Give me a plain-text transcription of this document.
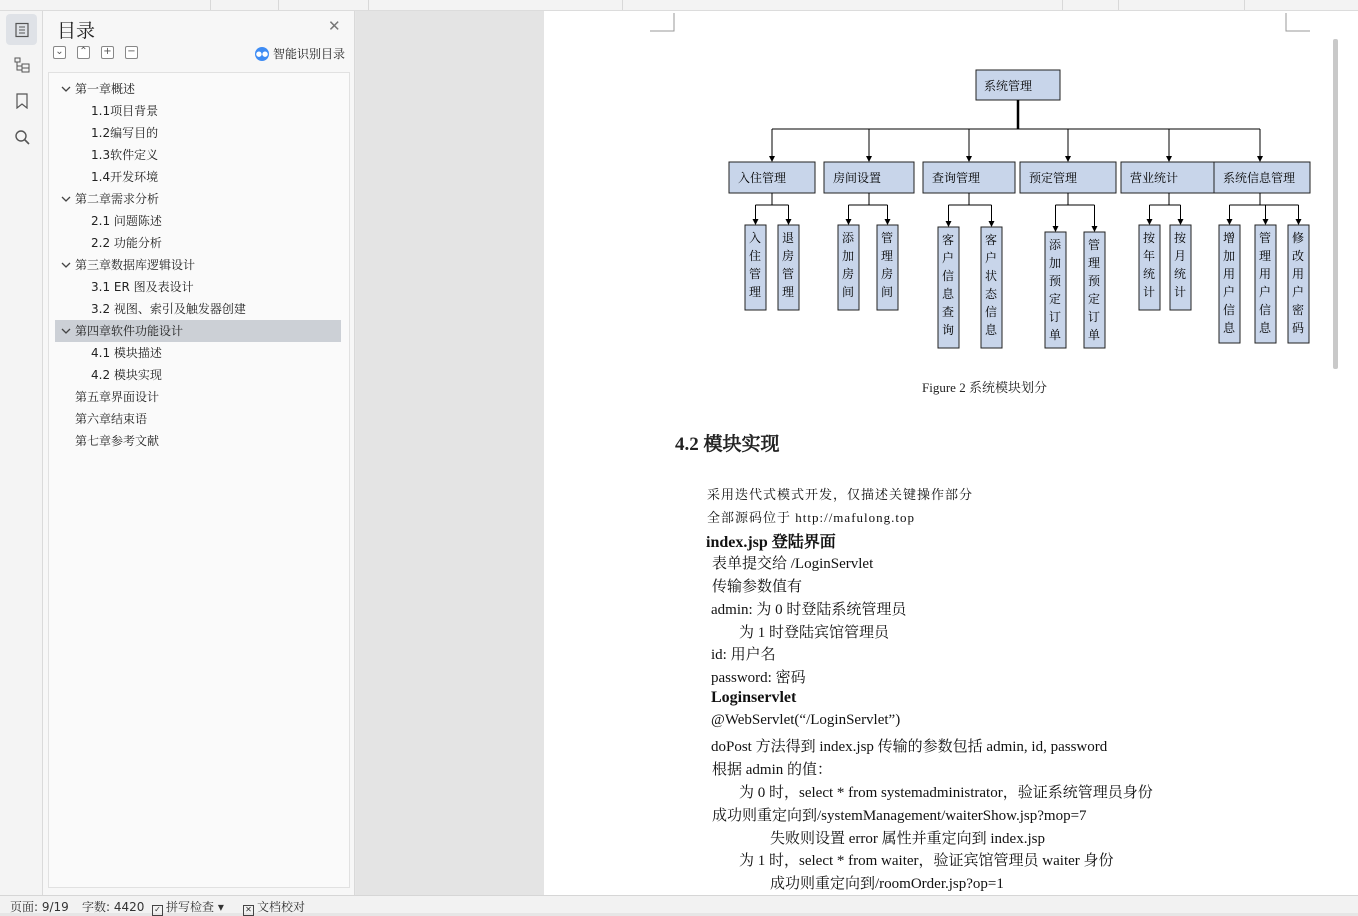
目录	✕
⌄ ⌃ + −	●● 智能识别目录
第一章概述
1.1项目背景
1.2编写目的
1.3软件定义
1.4开发环境
第二章需求分析
2.1 问题陈述
2.2 功能分析
第三章数据库逻辑设计
3.1 ER 图及表设计
3.2 视图、索引及触发器创建
第四章软件功能设计
4.1 模块描述
4.2 模块实现
第五章界面设计
第六章结束语
第七章参考文献
系统管理
入住管理
入住管理
退房管理
房间设置
添加房间
管理房间
查询管理
客户信息查询
客户状态信息
预定管理
添加预定订单
管理预定订单
营业统计
按年统计
按月统计
系统信息管理
增加用户信息
管理用户信息
修改用户密码
Figure 2 系统模块划分
4.2 模块实现
采用迭代式模式开发，仅描述关键操作部分
全部源码位于 http://mafulong.top
index.jsp 登陆界面
表单提交给 /LoginServlet
传输参数值有
admin: 为 0 时登陆系统管理员
为 1 时登陆宾馆管理员
id: 用户名
password: 密码
Loginservlet
@WebServlet(“/LoginServlet”)
doPost 方法得到 index.jsp 传输的参数包括 admin, id, password
根据 admin 的值：
为 0 时，select * from systemadministrator，验证系统管理员身份
成功则重定向到/systemManagement/waiterShow.jsp?mop=7
失败则设置 error 属性并重定向到 index.jsp
为 1 时，select * from waiter，验证宾馆管理员 waiter 身份
成功则重定向到/roomOrder.jsp?op=1
页面: 9/19 字数: 4420 ✓ 拼写检查 ▾	✕ 文档校对
